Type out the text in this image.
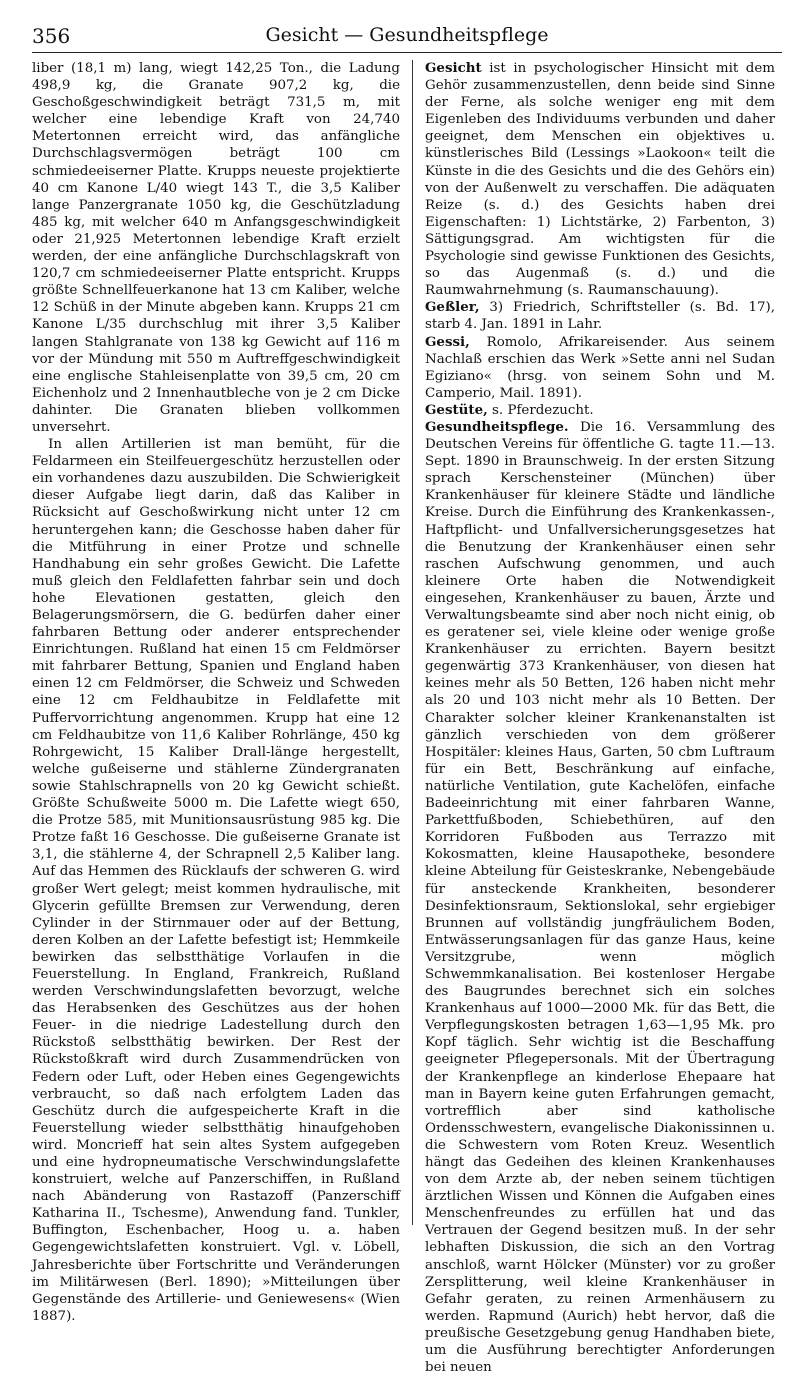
356	Gesicht — Gesundheitspflege

liber (18,1 m) lang, wiegt 142,25 Ton., die Ladung 498,9 kg, die Granate 907,2 kg, die Geschoßgeschwindigkeit beträgt 731,5 m, mit welcher eine lebendige Kraft von 24,740 Metertonnen erreicht wird, das anfängliche Durchschlagsvermögen beträgt 100 cm schmiedeeiserner Platte. Krupps neueste projektierte 40 cm Kanone L/40 wiegt 143 T., die 3,5 Kaliber lange Panzergranate 1050 kg, die Geschützladung 485 kg, mit welcher 640 m Anfangsgeschwindigkeit oder 21,925 Metertonnen lebendige Kraft erzielt werden, der eine anfängliche Durchschlagskraft von 120,7 cm schmiedeeiserner Platte entspricht. Krupps größte Schnellfeuerkanone hat 13 cm Kaliber, welche 12 Schüß in der Minute abgeben kann. Krupps 21 cm Kanone L/35 durchschlug mit ihrer 3,5 Kaliber langen Stahlgranate von 138 kg Gewicht auf 116 m vor der Mündung mit 550 m Auftreffgeschwindigkeit eine englische Stahleisenplatte von 39,5 cm, 20 cm Eichenholz und 2 Innenhautbleche von je 2 cm Dicke dahinter. Die Granaten blieben vollkommen unversehrt.

In allen Artillerien ist man bemüht, für die Feldarmeen ein Steilfeuergeschütz herzustellen oder ein vorhandenes dazu auszubilden. Die Schwierigkeit dieser Aufgabe liegt darin, daß das Kaliber in Rücksicht auf Geschoßwirkung nicht unter 12 cm heruntergehen kann; die Geschosse haben daher für die Mitführung in einer Protze und schnelle Handhabung ein sehr großes Gewicht. Die Lafette muß gleich den Feldlafetten fahrbar sein und doch hohe Elevationen gestatten, gleich den Belagerungsmörsern, die G. bedürfen daher einer fahrbaren Bettung oder anderer entsprechender Einrichtungen. Rußland hat einen 15 cm Feldmörser mit fahrbarer Bettung, Spanien und England haben einen 12 cm Feldmörser, die Schweiz und Schweden eine 12 cm Feldhaubitze in Feldlafette mit Puffervorrichtung angenommen. Krupp hat eine 12 cm Feldhaubitze von 11,6 Kaliber Rohrlänge, 450 kg Rohrgewicht, 15 Kaliber Drall-länge hergestellt, welche gußeiserne und stählerne Zündergranaten sowie Stahlschrapnells von 20 kg Gewicht schießt. Größte Schußweite 5000 m. Die Lafette wiegt 650, die Protze 585, mit Munitionsausrüstung 985 kg. Die Protze faßt 16 Geschosse. Die gußeiserne Granate ist 3,1, die stählerne 4, der Schrapnell 2,5 Kaliber lang. Auf das Hemmen des Rücklaufs der schweren G. wird großer Wert gelegt; meist kommen hydraulische, mit Glycerin gefüllte Bremsen zur Verwendung, deren Cylinder in der Stirnmauer oder auf der Bettung, deren Kolben an der Lafette befestigt ist; Hemmkeile bewirken das selbstthätige Vorlaufen in die Feuerstellung. In England, Frankreich, Rußland werden Verschwindungslafetten bevorzugt, welche das Herabsenken des Geschützes aus der hohen Feuer- in die niedrige Ladestellung durch den Rückstoß selbstthätig bewirken. Der Rest der Rückstoßkraft wird durch Zusammendrücken von Federn oder Luft, oder Heben eines Gegengewichts verbraucht, so daß nach erfolgtem Laden das Geschütz durch die aufgespeicherte Kraft in die Feuerstellung wieder selbstthätig hinaufgehoben wird. Moncrieff hat sein altes System aufgegeben und eine hydropneumatische Verschwindungslafette konstruiert, welche auf Panzerschiffen, in Rußland nach Abänderung von Rastazoff (Panzerschiff Katharina II., Tschesme), Anwendung fand. Tunkler, Buffington, Eschenbacher, Hoog u. a. haben Gegengewichtslafetten konstruiert. Vgl. v. Löbell, Jahresberichte über Fortschritte und Veränderungen im Militärwesen (Berl. 1890); »Mitteilungen über Gegenstände des Artillerie- und Geniewesens« (Wien 1887).

Gesicht ist in psychologischer Hinsicht mit dem Gehör zusammenzustellen, denn beide sind Sinne der Ferne, als solche weniger eng mit dem Eigenleben des Individuums verbunden und daher geeignet, dem Menschen ein objektives u. künstlerisches Bild (Lessings »Laokoon« teilt die Künste in die des Gesichts und die des Gehörs ein) von der Außenwelt zu verschaffen. Die adäquaten Reize (s. d.) des Gesichts haben drei Eigenschaften: 1) Lichtstärke, 2) Farbenton, 3) Sättigungsgrad. Am wichtigsten für die Psychologie sind gewisse Funktionen des Gesichts, so das Augenmaß (s. d.) und die Raumwahrnehmung (s. Raumanschauung).

Geßler, 3) Friedrich, Schriftsteller (s. Bd. 17), starb 4. Jan. 1891 in Lahr.

Gessi, Romolo, Afrikareisender. Aus seinem Nachlaß erschien das Werk »Sette anni nel Sudan Egiziano« (hrsg. von seinem Sohn und M. Camperio, Mail. 1891).

Gestüte, s. Pferdezucht.

Gesundheitspflege. Die 16. Versammlung des Deutschen Vereins für öffentliche G. tagte 11.—13. Sept. 1890 in Braunschweig. In der ersten Sitzung sprach Kerschensteiner (München) über Krankenhäuser für kleinere Städte und ländliche Kreise. Durch die Einführung des Krankenkassen-, Haftpflicht- und Unfallversicherungsgesetzes hat die Benutzung der Krankenhäuser einen sehr raschen Aufschwung genommen, und auch kleinere Orte haben die Notwendigkeit eingesehen, Krankenhäuser zu bauen, Ärzte und Verwaltungsbeamte sind aber noch nicht einig, ob es geratener sei, viele kleine oder wenige große Krankenhäuser zu errichten. Bayern besitzt gegenwärtig 373 Krankenhäuser, von diesen hat keines mehr als 50 Betten, 126 haben nicht mehr als 20 und 103 nicht mehr als 10 Betten. Der Charakter solcher kleiner Krankenanstalten ist gänzlich verschieden von dem größerer Hospitäler: kleines Haus, Garten, 50 cbm Luftraum für ein Bett, Beschränkung auf einfache, natürliche Ventilation, gute Kachelöfen, einfache Badeeinrichtung mit einer fahrbaren Wanne, Parkettfußboden, Schiebethüren, auf den Korridoren Fußboden aus Terrazzo mit Kokosmatten, kleine Hausapotheke, besondere kleine Abteilung für Geisteskranke, Nebengebäude für ansteckende Krankheiten, besonderer Desinfektionsraum, Sektionslokal, sehr ergiebiger Brunnen auf vollständig jungfräulichem Boden, Entwässerungsanlagen für das ganze Haus, keine Versitzgrube, wenn möglich Schwemmkanalisation. Bei kostenloser Hergabe des Baugrundes berechnet sich ein solches Krankenhaus auf 1000—2000 Mk. für das Bett, die Verpflegungskosten betragen 1,63—1,95 Mk. pro Kopf täglich. Sehr wichtig ist die Beschaffung geeigneter Pflegepersonals. Mit der Übertragung der Krankenpflege an kinderlose Ehepaare hat man in Bayern keine guten Erfahrungen gemacht, vortrefflich aber sind katholische Ordensschwestern, evangelische Diakonissinnen u. die Schwestern vom Roten Kreuz. Wesentlich hängt das Gedeihen des kleinen Krankenhauses von dem Arzte ab, der neben seinem tüchtigen ärztlichen Wissen und Können die Aufgaben eines Menschenfreundes zu erfüllen hat und das Vertrauen der Gegend besitzen muß. In der sehr lebhaften Diskussion, die sich an den Vortrag anschloß, warnt Hölcker (Münster) vor zu großer Zersplitterung, weil kleine Krankenhäuser in Gefahr geraten, zu reinen Armenhäusern zu werden. Rapmund (Aurich) hebt hervor, daß die preußische Gesetzgebung genug Handhaben biete, um die Ausführung berechtigter Anforderungen bei neuen
